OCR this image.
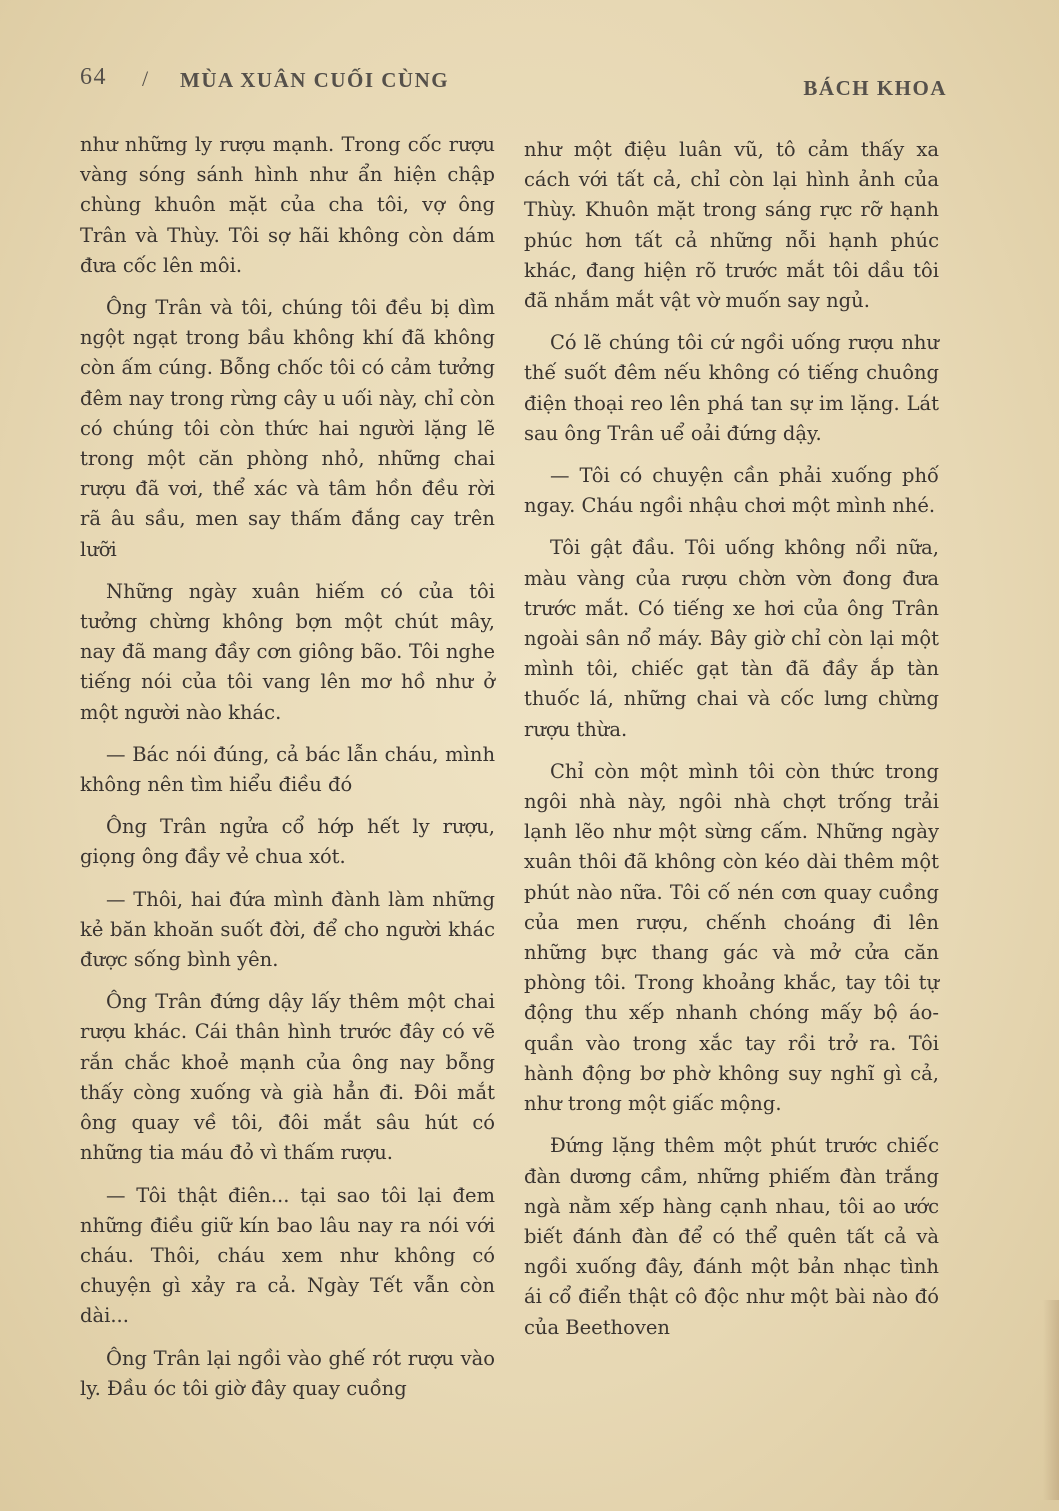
64 / MÙA XUÂN CUỐI CÙNG	BÁCH KHOA

như những ly rượu mạnh. Trong cốc rượu vàng sóng sánh hình như ẩn hiện chập chùng khuôn mặt của cha tôi, vợ ông Trân và Thùy. Tôi sợ hãi không còn dám đưa cốc lên môi.

Ông Trân và tôi, chúng tôi đều bị dìm ngột ngạt trong bầu không khí đã không còn ấm cúng. Bỗng chốc tôi có cảm tưởng đêm nay trong rừng cây u uối này, chỉ còn có chúng tôi còn thức hai người lặng lẽ trong một căn phòng nhỏ, những chai rượu đã vơi, thể xác và tâm hồn đều rời rã âu sầu, men say thấm đắng cay trên lưỡi

Những ngày xuân hiếm có của tôi tưởng chừng không bợn một chút mây, nay đã mang đầy cơn giông bão. Tôi nghe tiếng nói của tôi vang lên mơ hồ như ở một người nào khác.

— Bác nói đúng, cả bác lẫn cháu, mình không nên tìm hiểu điều đó

Ông Trân ngửa cổ hớp hết ly rượu, giọng ông đầy vẻ chua xót.

— Thôi, hai đứa mình đành làm những kẻ băn khoăn suốt đời, để cho người khác được sống bình yên.

Ông Trân đứng dậy lấy thêm một chai rượu khác. Cái thân hình trước đây có vẽ rắn chắc khoẻ mạnh của ông nay bỗng thấy còng xuống và già hẳn đi. Đôi mắt ông quay về tôi, đôi mắt sâu hút có những tia máu đỏ vì thấm rượu.

— Tôi thật điên... tại sao tôi lại đem những điều giữ kín bao lâu nay ra nói với cháu. Thôi, cháu xem như không có chuyện gì xảy ra cả. Ngày Tết vẫn còn dài...

Ông Trân lại ngồi vào ghế rót rượu vào ly. Đầu óc tôi giờ đây quay cuồng

như một điệu luân vũ, tô cảm thấy xa cách với tất cả, chỉ còn lại hình ảnh của Thùy. Khuôn mặt trong sáng rực rỡ hạnh phúc hơn tất cả những nỗi hạnh phúc khác, đang hiện rõ trước mắt tôi dầu tôi đã nhắm mắt vật vờ muốn say ngủ.

Có lẽ chúng tôi cứ ngồi uống rượu như thế suốt đêm nếu không có tiếng chuông điện thoại reo lên phá tan sự im lặng. Lát sau ông Trân uể oải đứng dậy.

— Tôi có chuyện cần phải xuống phố ngay. Cháu ngồi nhậu chơi một mình nhé.

Tôi gật đầu. Tôi uống không nổi nữa, màu vàng của rượu chờn vờn đong đưa trước mắt. Có tiếng xe hơi của ông Trân ngoài sân nổ máy. Bây giờ chỉ còn lại một mình tôi, chiếc gạt tàn đã đầy ắp tàn thuốc lá, những chai và cốc lưng chừng rượu thừa.

Chỉ còn một mình tôi còn thức trong ngôi nhà này, ngôi nhà chợt trống trải lạnh lẽo như một sừng cấm. Những ngày xuân thôi đã không còn kéo dài thêm một phút nào nữa. Tôi cố nén cơn quay cuồng của men rượu, chếnh choáng đi lên những bực thang gác và mở cửa căn phòng tôi. Trong khoảng khắc, tay tôi tự động thu xếp nhanh chóng mấy bộ áo-quần vào trong xắc tay rồi trở ra. Tôi hành động bơ phờ không suy nghĩ gì cả, như trong một giấc mộng.

Đứng lặng thêm một phút trước chiếc đàn dương cầm, những phiếm đàn trắng ngà nằm xếp hàng cạnh nhau, tôi ao ước biết đánh đàn để có thể quên tất cả và ngồi xuống đây, đánh một bản nhạc tình ái cổ điển thật cô độc như một bài nào đó của Beethoven
